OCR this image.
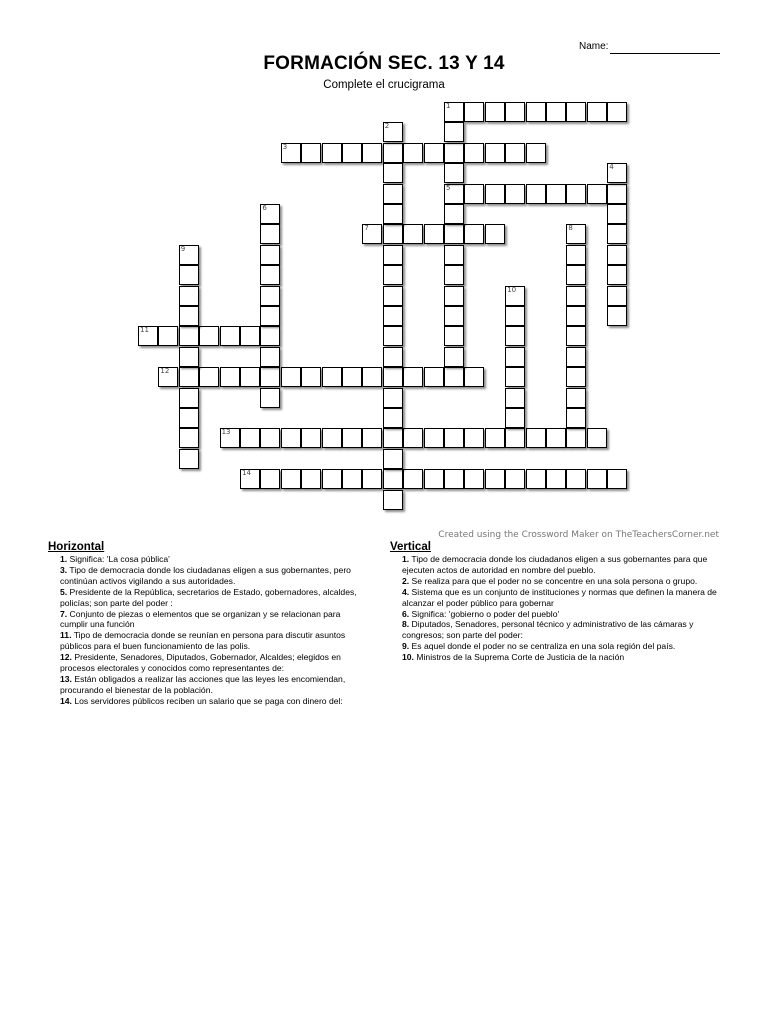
Name:
FORMACIÓN SEC. 13 Y 14
Complete el crucigrama
1
3
5
7
11
12
13
14
2
4
6
8
9
10
Created using the Crossword Maker on TheTeachersCorner.net
Horizontal

1. Significa: 'La cosa pública'

3. Tipo de democracia donde los ciudadanas eligen a sus gobernantes, pero continúan activos vigilando a sus autoridades.

5. Presidente de la República, secretarios de Estado, gobernadores, alcaldes, policías; son parte del poder :

7. Conjunto de piezas o elementos que se organizan y se relacionan para cumplir una función

11. Tipo de democracia donde se reunían en persona para discutir asuntos públicos para el buen funcionamiento de las polis.

12. Presidente, Senadores, Diputados, Gobernador, Alcaldes; elegidos en procesos electorales y conocidos como representantes de:

13. Están obligados a realizar las acciones que las leyes les encomiendan, procurando el bienestar de la población.

14. Los servidores públicos reciben un salario que se paga con dinero del:

Vertical

1. Tipo de democracia donde los ciudadanos eligen a sus gobernantes para que ejecuten actos de autoridad en nombre del pueblo.

2. Se realiza para que el poder no se concentre en una sola persona o grupo.

4. Sistema que es un conjunto de instituciones y normas que definen la manera de alcanzar el poder público para gobernar

6. Significa: 'gobierno o poder del pueblo'

8. Diputados, Senadores, personal técnico y administrativo de las cámaras y congresos; son parte del poder:

9. Es aquel donde el poder no se centraliza en una sola región del país.

10. Ministros de la Suprema Corte de Justicia de la nación
